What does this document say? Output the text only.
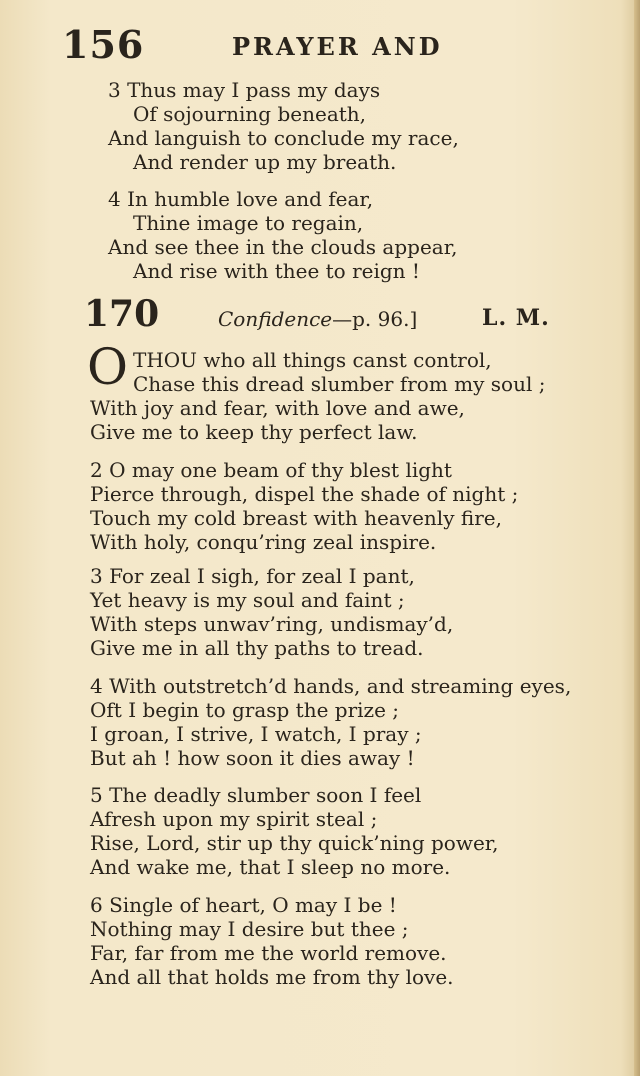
156	PRAYER AND
3 Thus may I pass my days
Of sojourning beneath,
And languish to conclude my race,
And render up my breath.
4 In humble love and fear,
Thine image to regain,
And see thee in the clouds appear,
And rise with thee to reign !
170	Confidence—p. 96.]	L. M.
O THOU who all things canst control,
Chase this dread slumber from my soul ;
With joy and fear, with love and awe,
Give me to keep thy perfect law.
2 O may one beam of thy blest light
Pierce through, dispel the shade of night ;
Touch my cold breast with heavenly fire,
With holy, conqu’ring zeal inspire.
3 For zeal I sigh, for zeal I pant,
Yet heavy is my soul and faint ;
With steps unwav’ring, undismay’d,
Give me in all thy paths to tread.
4 With outstretch’d hands, and streaming eyes,
Oft I begin to grasp the prize ;
I groan, I strive, I watch, I pray ;
But ah ! how soon it dies away !
5 The deadly slumber soon I feel
Afresh upon my spirit steal ;
Rise, Lord, stir up thy quick’ning power,
And wake me, that I sleep no more.
6 Single of heart, O may I be !
Nothing may I desire but thee ;
Far, far from me the world remove.
And all that holds me from thy love.
